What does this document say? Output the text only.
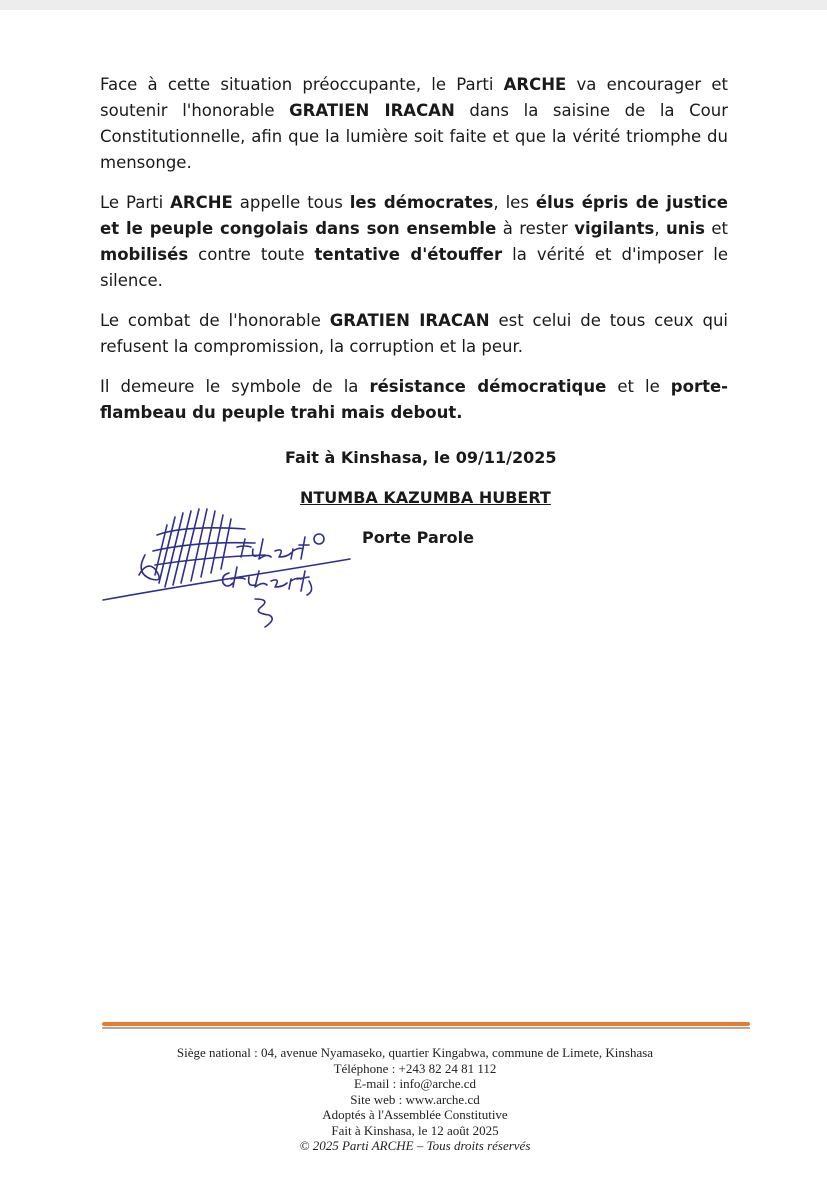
Face à cette situation préoccupante, le Parti ARCHE va encourager et soutenir l'honorable GRATIEN IRACAN dans la saisine de la Cour Constitutionnelle, afin que la lumière soit faite et que la vérité triomphe du mensonge.

Le Parti ARCHE appelle tous les démocrates, les élus épris de justice et le peuple congolais dans son ensemble à rester vigilants, unis et mobilisés contre toute tentative d'étouffer la vérité et d'imposer le silence.

Le combat de l'honorable GRATIEN IRACAN est celui de tous ceux qui refusent la compromission, la corruption et la peur.

Il demeure le symbole de la résistance démocratique et le porte-flambeau du peuple trahi mais debout.

Fait à Kinshasa, le 09/11/2025
NTUMBA KAZUMBA HUBERT
Porte Parole
Siège national : 04, avenue Nyamaseko, quartier Kingabwa, commune de Limete, Kinshasa
Téléphone : +243 82 24 81 112
E-mail : info@arche.cd
Site web : www.arche.cd
Adoptés à l'Assemblée Constitutive
Fait à Kinshasa, le 12 août 2025
© 2025 Parti ARCHE – Tous droits réservés
